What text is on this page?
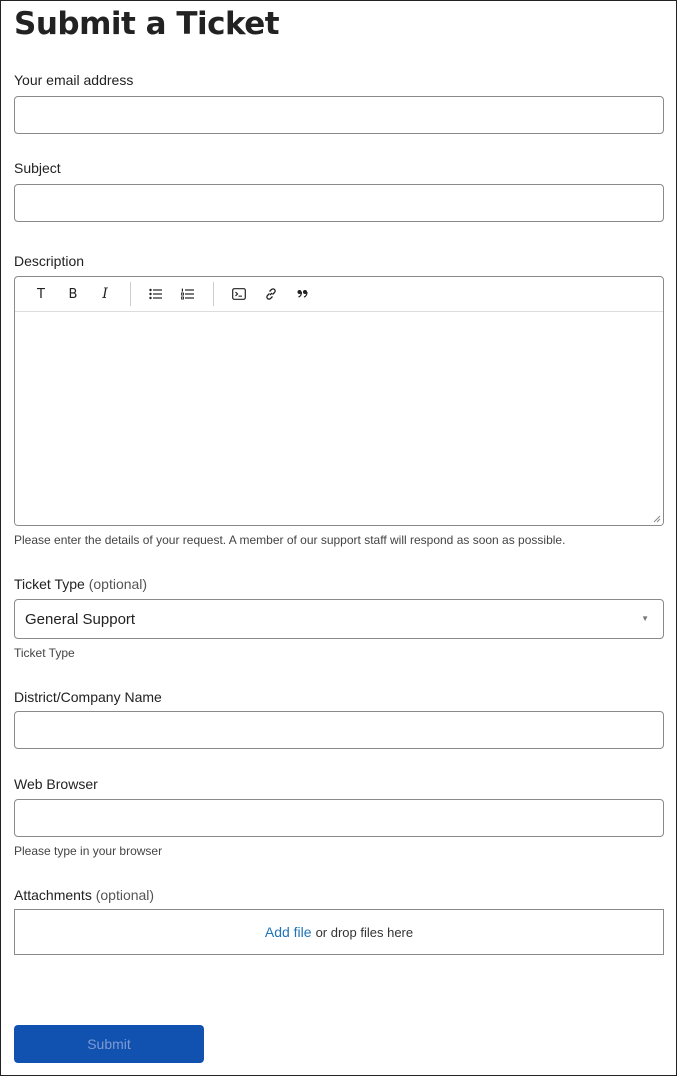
Submit a Ticket
Your email address
Subject
Description
T B I
Please enter the details of your request. A member of our support staff will respond as soon as possible.
Ticket Type (optional)
General Support	▼
Ticket Type
District/Company Name
Web Browser
Please type in your browser
Attachments (optional)
Add file or drop files here
Submit
